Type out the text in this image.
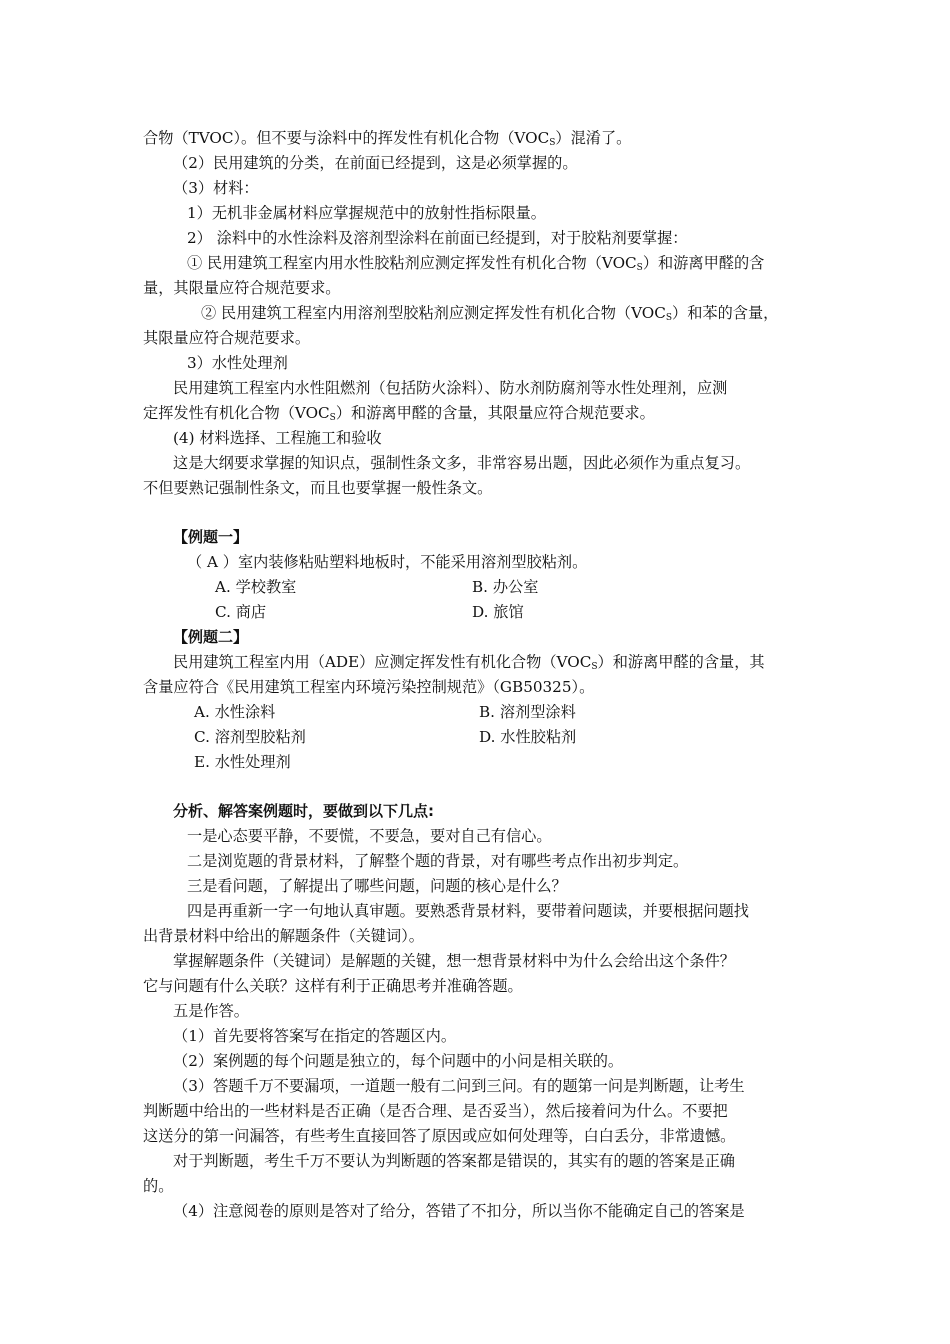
合物（TVOC）。但不要与涂料中的挥发性有机化合物$(VOC_S)$混淆了。
（2）民用建筑的分类，在前面已经提到，这是必须掌握的。
（3）材料：
1）无机非金属材料应掌握规范中的放射性指标限量。
2） 涂料中的水性涂料及溶剂型涂料在前面已经提到，对于胶粘剂要掌握：
① 民用建筑工程室内用水性胶粘剂应测定挥发性有机化合物$(VOC_S)$和游离甲醛的含
量，其限量应符合规范要求。
② 民用建筑工程室内用溶剂型胶粘剂应测定挥发性有机化合物$(VOC_S)$和苯的含量，
其限量应符合规范要求。
3）水性处理剂
民用建筑工程室内水性阻燃剂（包括防火涂料）、防水剂防腐剂等水性处理剂，应测
定挥发性有机化合物$(VOC_S)$和游离甲醛的含量，其限量应符合规范要求。
(4) 材料选择、工程施工和验收
这是大纲要求掌握的知识点，强制性条文多，非常容易出题，因此必须作为重点复习。
不但要熟记强制性条文，而且也要掌握一般性条文。
【例题一】
（ A ）室内装修粘贴塑料地板时，不能采用溶剂型胶粘剂。
A. 学校教室	B. 办公室
C. 商店	D. 旅馆
【例题二】
民用建筑工程室内用（ADE）应测定挥发性有机化合物$(VOC_S)$和游离甲醛的含量，其
含量应符合《民用建筑工程室内环境污染控制规范》（GB50325）。
A. 水性涂料	B. 溶剂型涂料
C. 溶剂型胶粘剂	D. 水性胶粘剂
E. 水性处理剂
分析、解答案例题时，要做到以下几点:
一是心态要平静，不要慌，不要急，要对自己有信心。
二是浏览题的背景材料，了解整个题的背景，对有哪些考点作出初步判定。
三是看问题，了解提出了哪些问题，问题的核心是什么？
四是再重新一字一句地认真审题。要熟悉背景材料，要带着问题读，并要根据问题找
出背景材料中给出的解题条件（关键词）。
掌握解题条件（关键词）是解题的关键，想一想背景材料中为什么会给出这个条件？
它与问题有什么关联？这样有利于正确思考并准确答题。
五是作答。
（1）首先要将答案写在指定的答题区内。
（2）案例题的每个问题是独立的，每个问题中的小问是相关联的。
（3）答题千万不要漏项，一道题一般有二问到三问。有的题第一问是判断题，让考生
判断题中给出的一些材料是否正确（是否合理、是否妥当），然后接着问为什么。不要把
这送分的第一问漏答，有些考生直接回答了原因或应如何处理等，白白丢分，非常遗憾。
对于判断题，考生千万不要认为判断题的答案都是错误的，其实有的题的答案是正确
的。
（4）注意阅卷的原则是答对了给分，答错了不扣分，所以当你不能确定自己的答案是
